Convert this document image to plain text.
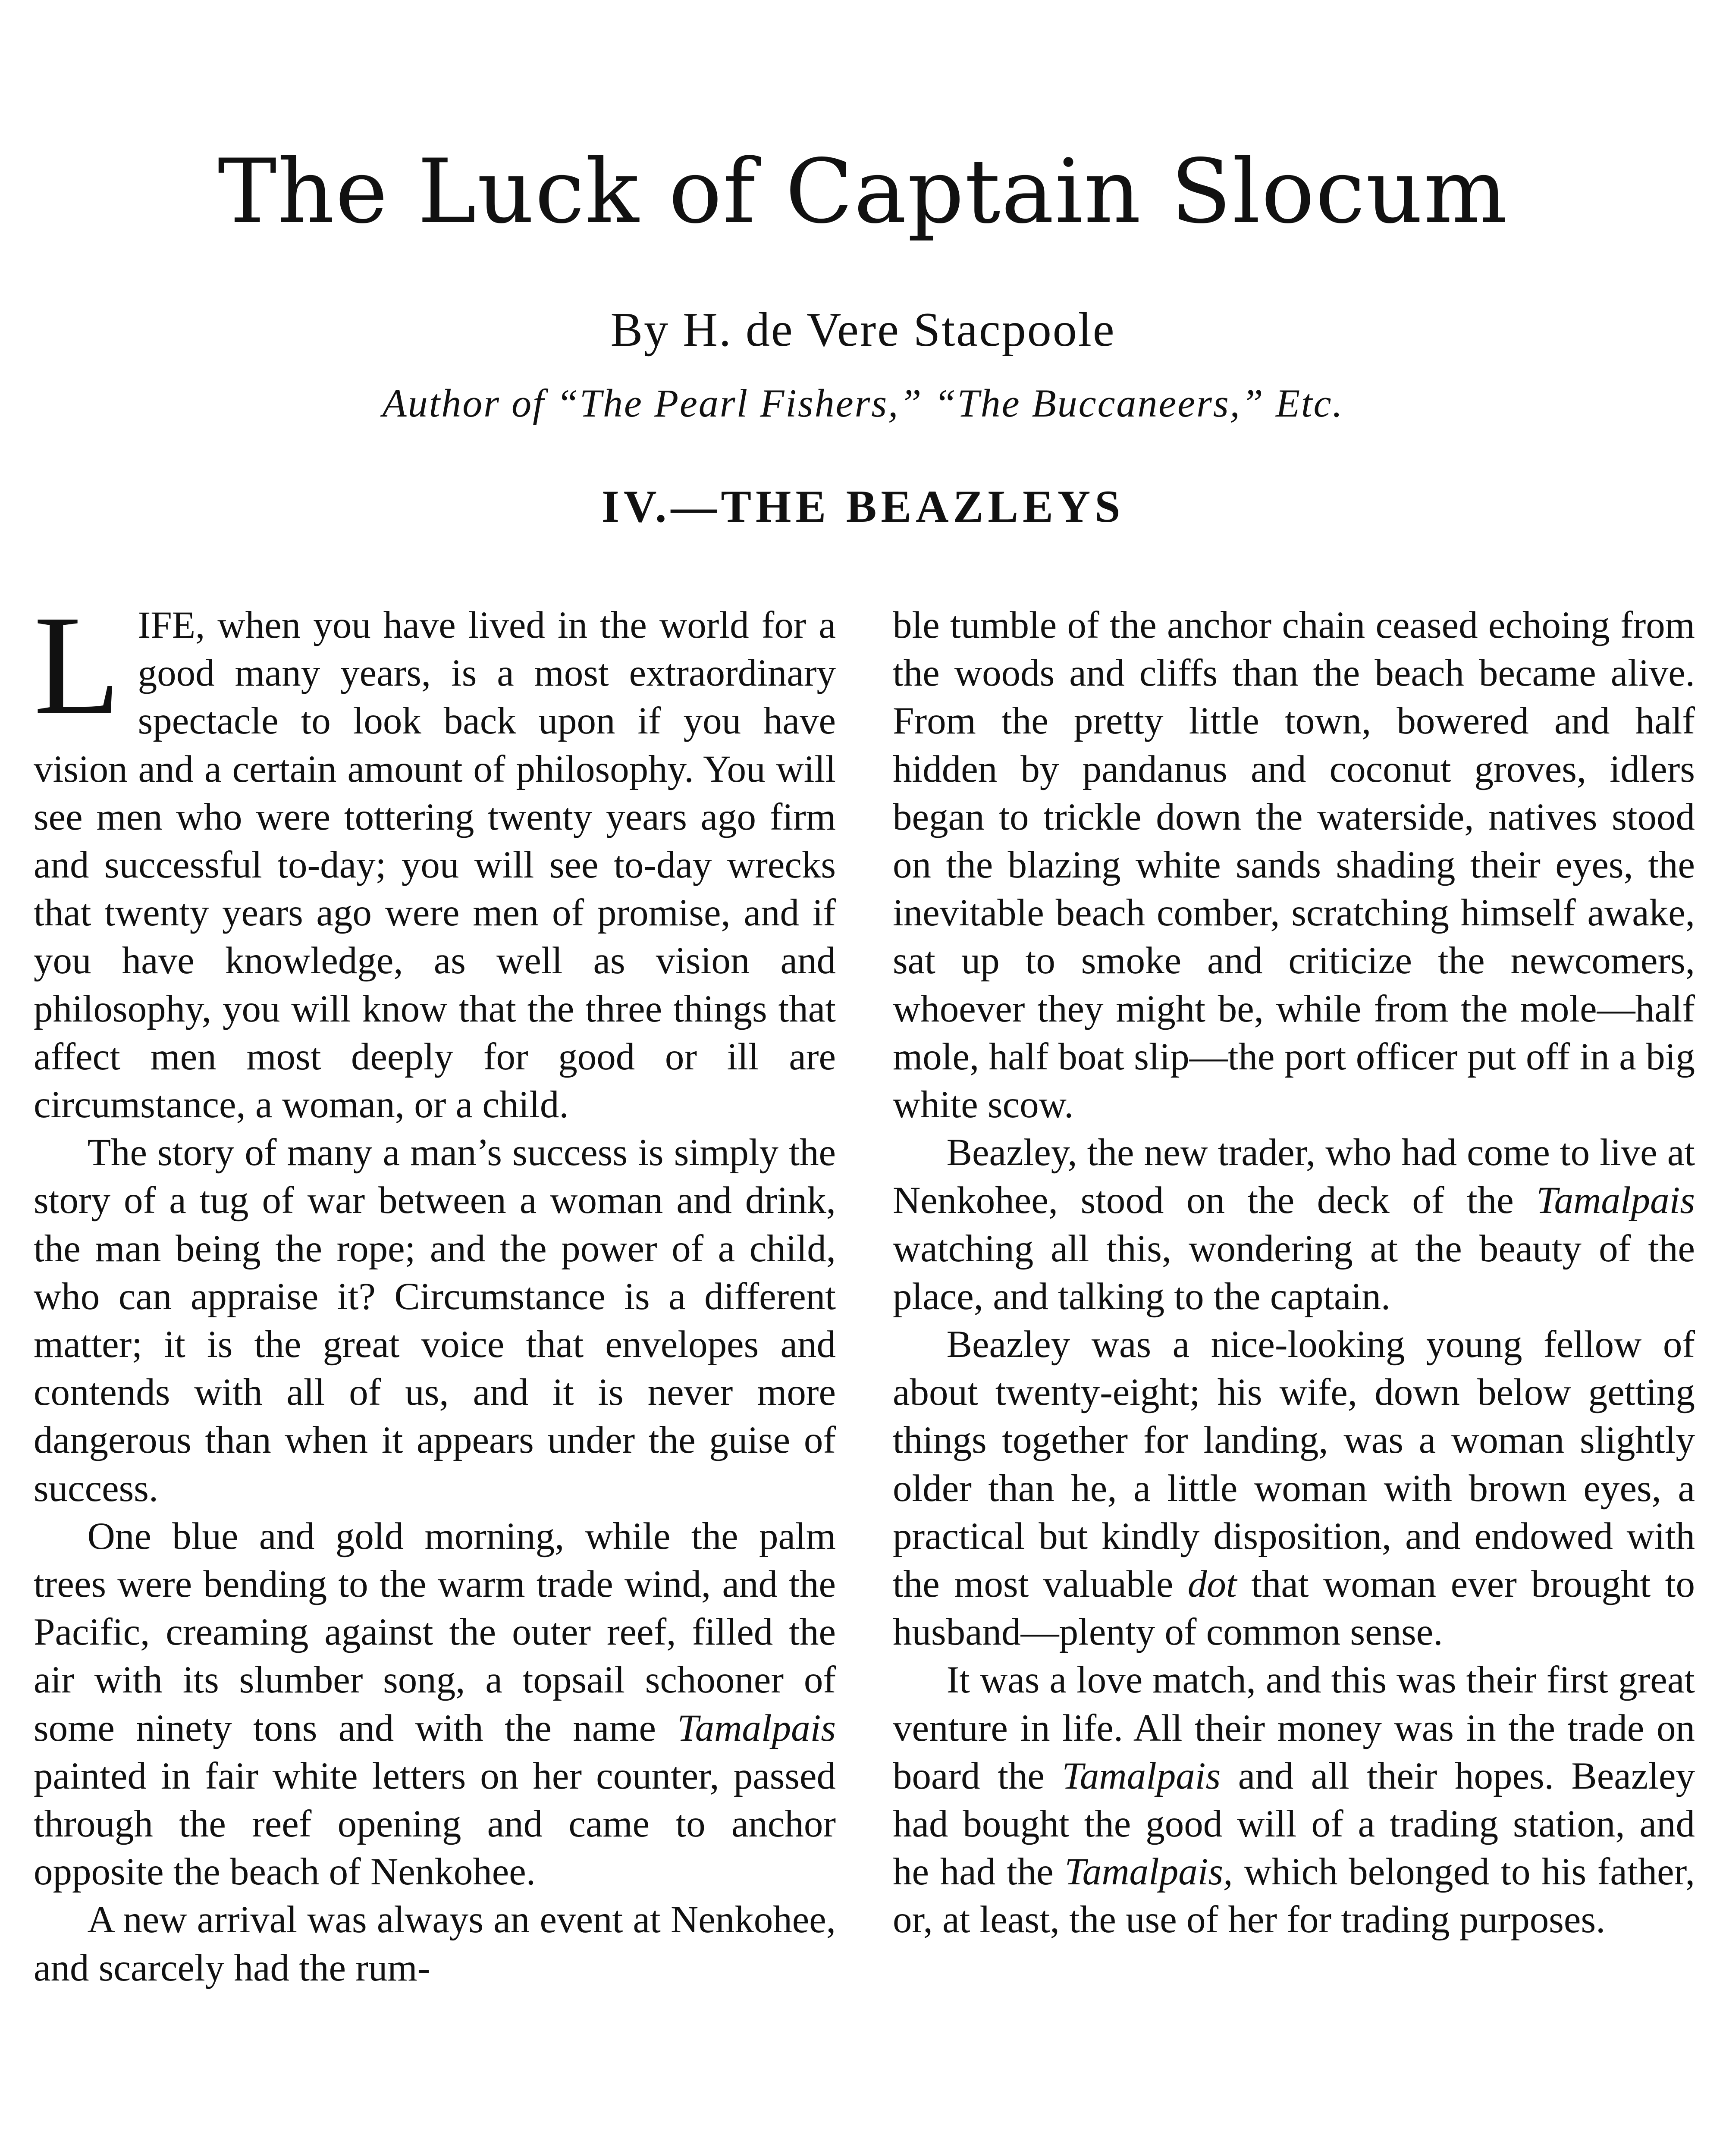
The Luck of Captain Slocum
By H. de Vere Stacpoole
Author of “The Pearl Fishers,” “The Buccaneers,” Etc.
IV.—THE BEAZLEYS

LIFE, when you have lived in the world for a good many years, is a most extraordinary spectacle to look back upon if you have vision and a certain amount of philosophy. You will see men who were tottering twenty years ago firm and successful to-day; you will see to-day wrecks that twenty years ago were men of promise, and if you have knowledge, as well as vision and philosophy, you will know that the three things that affect men most deeply for good or ill are circumstance, a woman, or a child.

The story of many a man’s success is simply the story of a tug of war between a woman and drink, the man being the rope; and the power of a child, who can appraise it? Circumstance is a different matter; it is the great voice that envelopes and contends with all of us, and it is never more dangerous than when it appears under the guise of success.

One blue and gold morning, while the palm trees were bending to the warm trade wind, and the Pacific, creaming against the outer reef, filled the air with its slumber song, a topsail schooner of some ninety tons and with the name Tamalpais painted in fair white letters on her counter, passed through the reef opening and came to anchor opposite the beach of Nenkohee.

A new arrival was always an event at Nenkohee, and scarcely had the rum-

ble tumble of the anchor chain ceased echoing from the woods and cliffs than the beach became alive. From the pretty little town, bowered and half hidden by pandanus and coconut groves, idlers began to trickle down the waterside, natives stood on the blazing white sands shading their eyes, the inevitable beach comber, scratching himself awake, sat up to smoke and criticize the newcomers, whoever they might be, while from the mole—half mole, half boat slip—the port officer put off in a big white scow.

Beazley, the new trader, who had come to live at Nenkohee, stood on the deck of the Tamalpais watching all this, wondering at the beauty of the place, and talking to the captain.

Beazley was a nice-looking young fellow of about twenty-eight; his wife, down below getting things together for landing, was a woman slightly older than he, a little woman with brown eyes, a practical but kindly disposition, and endowed with the most valuable dot that woman ever brought to husband—plenty of common sense.

It was a love match, and this was their first great venture in life. All their money was in the trade on board the Tamalpais and all their hopes. Beazley had bought the good will of a trading station, and he had the Tamalpais, which belonged to his father, or, at least, the use of her for trading purposes.
